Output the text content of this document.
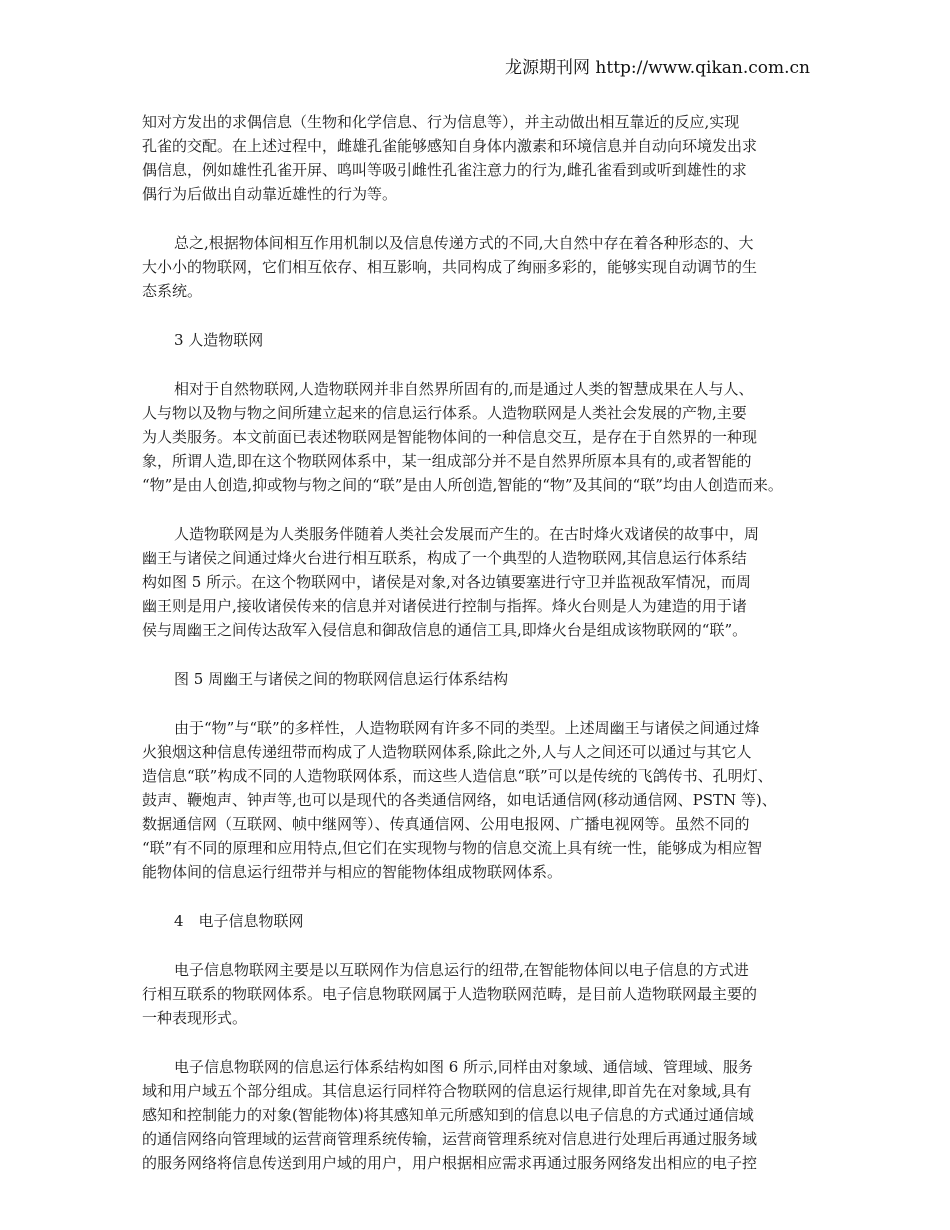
龙源期刊网 http://www.qikan.com.cn

知对方发出的求偶信息（生物和化学信息、行为信息等），并主动做出相互靠近的反应,实现
孔雀的交配。在上述过程中，雌雄孔雀能够感知自身体内激素和环境信息并自动向环境发出求
偶信息，例如雄性孔雀开屏、鸣叫等吸引雌性孔雀注意力的行为,雌孔雀看到或听到雄性的求
偶行为后做出自动靠近雄性的行为等。

总之,根据物体间相互作用机制以及信息传递方式的不同,大自然中存在着各种形态的、大
大小小的物联网，它们相互依存、相互影响，共同构成了绚丽多彩的，能够实现自动调节的生
态系统。

3 人造物联网

相对于自然物联网,人造物联网并非自然界所固有的,而是通过人类的智慧成果在人与人、
人与物以及物与物之间所建立起来的信息运行体系。人造物联网是人类社会发展的产物,主要
为人类服务。本文前面已表述物联网是智能物体间的一种信息交互，是存在于自然界的一种现
象，所谓人造,即在这个物联网体系中，某一组成部分并不是自然界所原本具有的,或者智能的
“物”是由人创造,抑或物与物之间的“联”是由人所创造,智能的“物”及其间的“联”均由人创造而来。

人造物联网是为人类服务伴随着人类社会发展而产生的。在古时烽火戏诸侯的故事中，周
幽王与诸侯之间通过烽火台进行相互联系，构成了一个典型的人造物联网,其信息运行体系结
构如图 5 所示。在这个物联网中，诸侯是对象,对各边镇要塞进行守卫并监视敌军情况，而周
幽王则是用户,接收诸侯传来的信息并对诸侯进行控制与指挥。烽火台则是人为建造的用于诸
侯与周幽王之间传达敌军入侵信息和御敌信息的通信工具,即烽火台是组成该物联网的“联”。

图 5 周幽王与诸侯之间的物联网信息运行体系结构

由于“物”与“联”的多样性，人造物联网有许多不同的类型。上述周幽王与诸侯之间通过烽
火狼烟这种信息传递纽带而构成了人造物联网体系,除此之外,人与人之间还可以通过与其它人
造信息“联”构成不同的人造物联网体系，而这些人造信息“联”可以是传统的飞鸽传书、孔明灯、
鼓声、鞭炮声、钟声等,也可以是现代的各类通信网络，如电话通信网(移动通信网、PSTN 等)、
数据通信网（互联网、帧中继网等）、传真通信网、公用电报网、广播电视网等。虽然不同的
“联”有不同的原理和应用特点,但它们在实现物与物的信息交流上具有统一性，能够成为相应智
能物体间的信息运行纽带并与相应的智能物体组成物联网体系。

4　电子信息物联网

电子信息物联网主要是以互联网作为信息运行的纽带,在智能物体间以电子信息的方式进
行相互联系的物联网体系。电子信息物联网属于人造物联网范畴，是目前人造物联网最主要的
一种表现形式。

电子信息物联网的信息运行体系结构如图 6 所示,同样由对象域、通信域、管理域、服务
域和用户域五个部分组成。其信息运行同样符合物联网的信息运行规律,即首先在对象域,具有
感知和控制能力的对象(智能物体)将其感知单元所感知到的信息以电子信息的方式通过通信域
的通信网络向管理域的运营商管理系统传输，运营商管理系统对信息进行处理后再通过服务域
的服务网络将信息传送到用户域的用户，用户根据相应需求再通过服务网络发出相应的电子控
